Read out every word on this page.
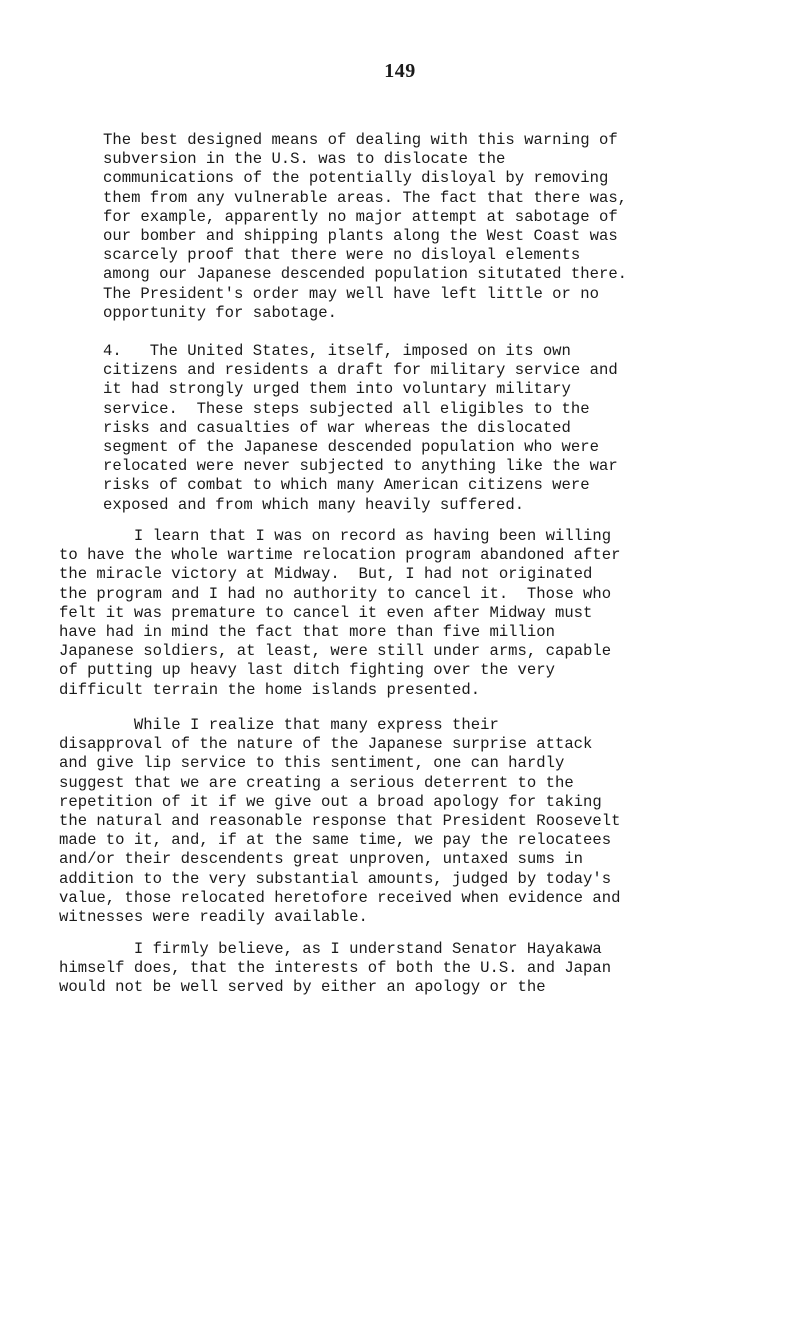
149
The best designed means of dealing with this warning of
subversion in the U.S. was to dislocate the
communications of the potentially disloyal by removing
them from any vulnerable areas. The fact that there was,
for example, apparently no major attempt at sabotage of
our bomber and shipping plants along the West Coast was
scarcely proof that there were no disloyal elements
among our Japanese descended population situtated there.
The President's order may well have left little or no
opportunity for sabotage.
4.   The United States, itself, imposed on its own
citizens and residents a draft for military service and
it had strongly urged them into voluntary military
service.  These steps subjected all eligibles to the
risks and casualties of war whereas the dislocated
segment of the Japanese descended population who were
relocated were never subjected to anything like the war
risks of combat to which many American citizens were
exposed and from which many heavily suffered.
I learn that I was on record as having been willing
to have the whole wartime relocation program abandoned after
the miracle victory at Midway.  But, I had not originated
the program and I had no authority to cancel it.  Those who
felt it was premature to cancel it even after Midway must
have had in mind the fact that more than five million
Japanese soldiers, at least, were still under arms, capable
of putting up heavy last ditch fighting over the very
difficult terrain the home islands presented.
While I realize that many express their
disapproval of the nature of the Japanese surprise attack
and give lip service to this sentiment, one can hardly
suggest that we are creating a serious deterrent to the
repetition of it if we give out a broad apology for taking
the natural and reasonable response that President Roosevelt
made to it, and, if at the same time, we pay the relocatees
and/or their descendents great unproven, untaxed sums in
addition to the very substantial amounts, judged by today's
value, those relocated heretofore received when evidence and
witnesses were readily available.
I firmly believe, as I understand Senator Hayakawa
himself does, that the interests of both the U.S. and Japan
would not be well served by either an apology or the
